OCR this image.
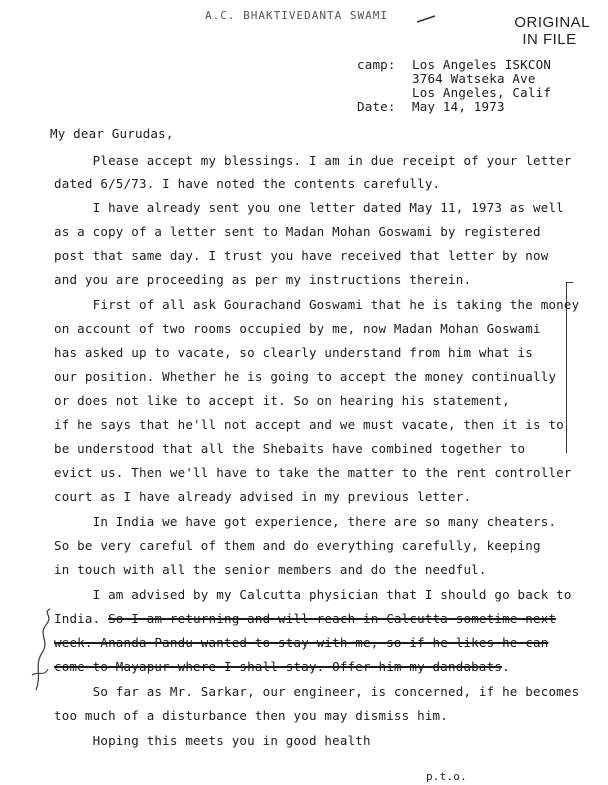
A.C. BHAKTIVEDANTA SWAMI	ORIGINAL
IN FILE
camp: Los Angeles ISKCON
3764 Watseka Ave
Los Angeles, Calif
Date: May 14, 1973
My dear Gurudas,
Please accept my blessings. I am in due receipt of your letter
dated 6/5/73. I have noted the contents carefully.
I have already sent you one letter dated May 11, 1973 as well
as a copy of a letter sent to Madan Mohan Goswami by registered
post that same day. I trust you have received that letter by now
and you are proceeding as per my instructions therein.
First of all ask Gourachand Goswami that he is taking the money
on account of two rooms occupied by me, now Madan Mohan Goswami
has asked up to vacate, so clearly understand from him what is
our position. Whether he is going to accept the money continually
or does not like to accept it. So on hearing his statement,
if he says that he'll not accept and we must vacate, then it is to
be understood that all the Shebaits have combined together to
evict us. Then we'll have to take the matter to the rent controller
court as I have already advised in my previous letter.
In India we have got experience, there are so many cheaters.
So be very careful of them and do everything carefully, keeping
in touch with all the senior members and do the needful.
I am advised by my Calcutta physician that I should go back to
India. So I am returning and will reach in Calcutta sometime next
week. Ananda Pandu wanted to stay with me, so if he likes he can
come to Mayapur where I shall stay. Offer him my dandabats.
So far as Mr. Sarkar, our engineer, is concerned, if he becomes
too much of a disturbance then you may dismiss him.
Hoping this meets you in good health
p.t.o.
